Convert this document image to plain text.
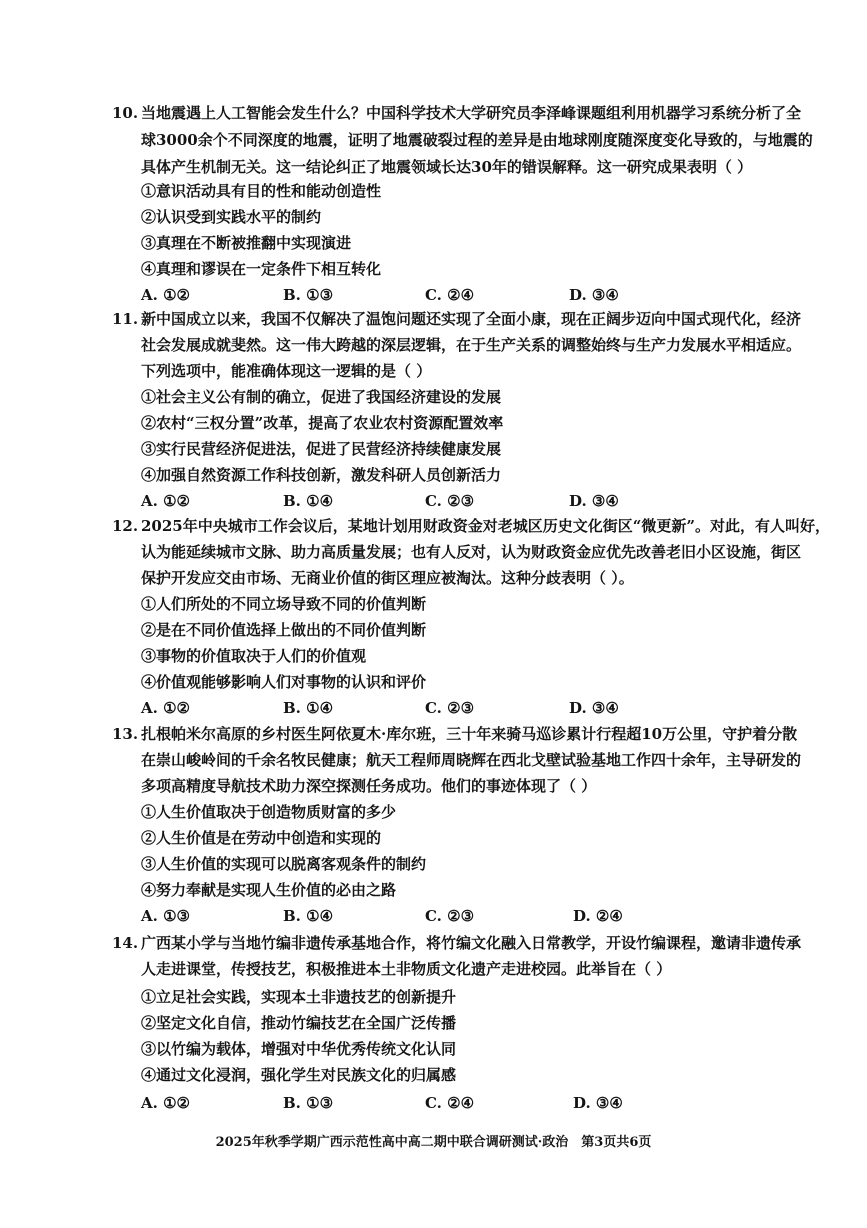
10. 当地震遇上人工智能会发生什么？中国科学技术大学研究员李泽峰课题组利用机器学习系统分析了全
球3000余个不同深度的地震，证明了地震破裂过程的差异是由地球刚度随深度变化导致的，与地震的
具体产生机制无关。这一结论纠正了地震领域长达30年的错误解释。这一研究成果表明（ ）
①意识活动具有目的性和能动创造性
②认识受到实践水平的制约
③真理在不断被推翻中实现演进
④真理和谬误在一定条件下相互转化
A. ①②	B. ①③	C. ②④	D. ③④
11. 新中国成立以来，我国不仅解决了温饱问题还实现了全面小康，现在正阔步迈向中国式现代化，经济
社会发展成就斐然。这一伟大跨越的深层逻辑，在于生产关系的调整始终与生产力发展水平相适应。
下列选项中，能准确体现这一逻辑的是（ ）
①社会主义公有制的确立，促进了我国经济建设的发展
②农村“三权分置”改革，提高了农业农村资源配置效率
③实行民营经济促进法，促进了民营经济持续健康发展
④加强自然资源工作科技创新，激发科研人员创新活力
A. ①②	B. ①④	C. ②③	D. ③④
12. 2025年中央城市工作会议后，某地计划用财政资金对老城区历史文化街区“微更新”。对此，有人叫好，
认为能延续城市文脉、助力高质量发展；也有人反对，认为财政资金应优先改善老旧小区设施，街区
保护开发应交由市场、无商业价值的街区理应被淘汰。这种分歧表明（ ）。
①人们所处的不同立场导致不同的价值判断
②是在不同价值选择上做出的不同价值判断
③事物的价值取决于人们的价值观
④价值观能够影响人们对事物的认识和评价
A. ①②	B. ①④	C. ②③	D. ③④
13. 扎根帕米尔高原的乡村医生阿依夏木·库尔班，三十年来骑马巡诊累计行程超10万公里，守护着分散
在崇山峻岭间的千余名牧民健康；航天工程师周晓辉在西北戈壁试验基地工作四十余年，主导研发的
多项高精度导航技术助力深空探测任务成功。他们的事迹体现了（ ）
①人生价值取决于创造物质财富的多少
②人生价值是在劳动中创造和实现的
③人生价值的实现可以脱离客观条件的制约
④努力奉献是实现人生价值的必由之路
A. ①③	B. ①④	C. ②③	D. ②④
14. 广西某小学与当地竹编非遗传承基地合作，将竹编文化融入日常教学，开设竹编课程，邀请非遗传承
人走进课堂，传授技艺，积极推进本土非物质文化遗产走进校园。此举旨在（ ）
①立足社会实践，实现本土非遗技艺的创新提升
②坚定文化自信，推动竹编技艺在全国广泛传播
③以竹编为载体，增强对中华优秀传统文化认同
④通过文化浸润，强化学生对民族文化的归属感
A. ①②	B. ①③	C. ②④	D. ③④
2025年秋季学期广西示范性高中高二期中联合调研测试·政治　第3页共6页
